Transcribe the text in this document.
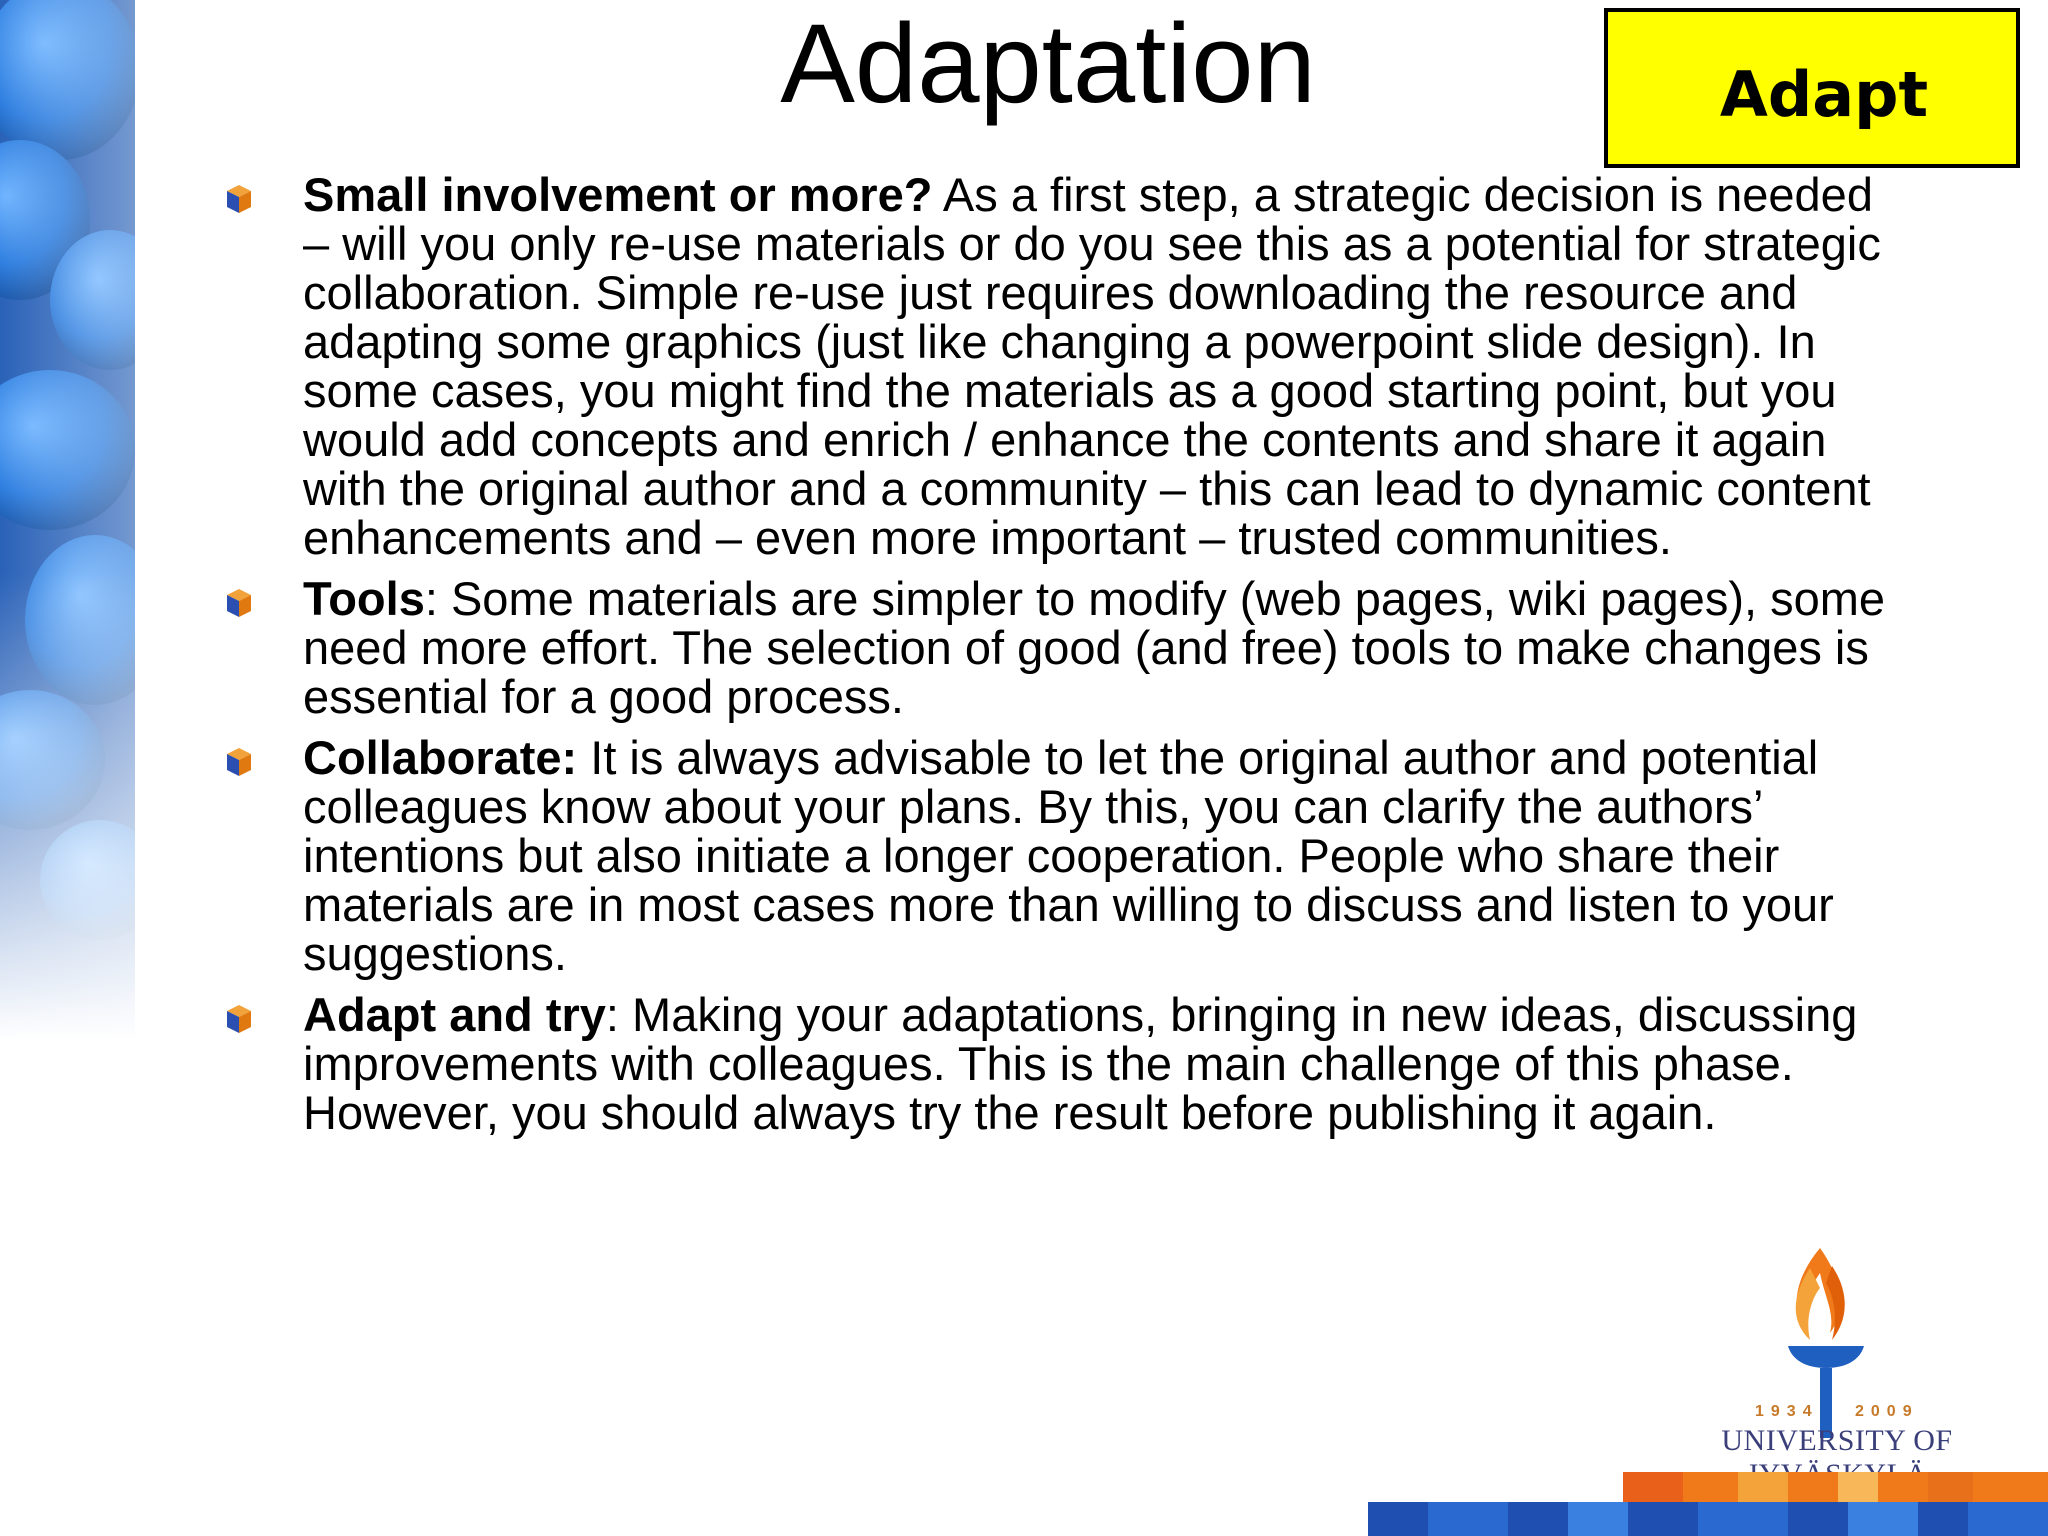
Adaptation	Adapt
Small involvement or more? As a first step, a strategic decision is needed – will you only re-use materials or do you see this as a potential for strategic collaboration. Simple re-use just requires downloading the resource and adapting some graphics (just like changing a powerpoint slide design). In some cases, you might find the materials as a good starting point, but you would add concepts and enrich / enhance the contents and share it again with the original author and a community – this can lead to dynamic content enhancements and – even more important – trusted communities.
Tools: Some materials are simpler to modify (web pages, wiki pages), some need more effort. The selection of good (and free) tools to make changes is essential for a good process.
Collaborate: It is always advisable to let the original author and potential colleagues know about your plans. By this, you can clarify the authors’ intentions but also initiate a longer cooperation. People who share their materials are in most cases more than willing to discuss and listen to your suggestions.
Adapt and try: Making your adaptations, bringing in new ideas, discussing improvements with colleagues. This is the main challenge of this phase. However, you should always try the result before publishing it again.
1934 2009
UNIVERSITY OF
